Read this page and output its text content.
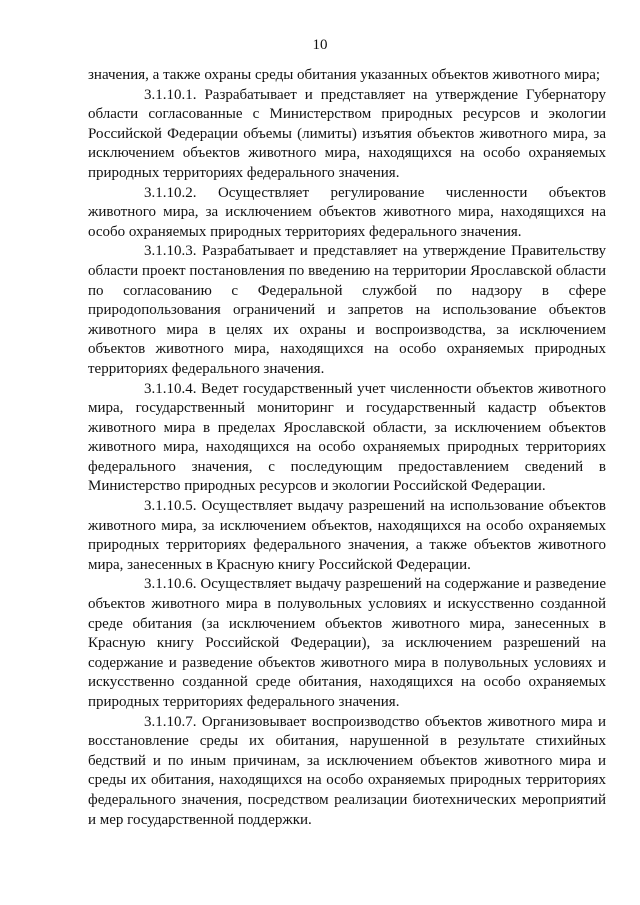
10

значения, а также охраны среды обитания указанных объектов животного мира;

3.1.10.1. Разрабатывает и представляет на утверждение Губернатору области согласованные с Министерством природных ресурсов и экологии Российской Федерации объемы (лимиты) изъятия объектов животного мира, за исключением объектов животного мира, находящихся на особо охраняемых природных территориях федерального значения.

3.1.10.2. Осуществляет регулирование численности объектов животного мира, за исключением объектов животного мира, находящихся на особо охраняемых природных территориях федерального значения.

3.1.10.3. Разрабатывает и представляет на утверждение Правительству области проект постановления по введению на территории Ярославской области по согласованию с Федеральной службой по надзору в сфере природопользования ограничений и запретов на использование объектов животного мира в целях их охраны и воспроизводства, за исключением объектов животного мира, находящихся на особо охраняемых природных территориях федерального значения.

3.1.10.4. Ведет государственный учет численности объектов животного мира, государственный мониторинг и государственный кадастр объектов животного мира в пределах Ярославской области, за исключением объектов животного мира, находящихся на особо охраняемых природных территориях федерального значения, с последующим предоставлением сведений в Министерство природных ресурсов и экологии Российской Федерации.

3.1.10.5. Осуществляет выдачу разрешений на использование объектов животного мира, за исключением объектов, находящихся на особо охраняемых природных территориях федерального значения, а также объектов животного мира, занесенных в Красную книгу Российской Федерации.

3.1.10.6. Осуществляет выдачу разрешений на содержание и разведение объектов животного мира в полувольных условиях и искусственно созданной среде обитания (за исключением объектов животного мира, занесенных в Красную книгу Российской Федерации), за исключением разрешений на содержание и разведение объектов животного мира в полувольных условиях и искусственно созданной среде обитания, находящихся на особо охраняемых природных территориях федерального значения.

3.1.10.7. Организовывает воспроизводство объектов животного мира и восстановление среды их обитания, нарушенной в результате стихийных бедствий и по иным причинам, за исключением объектов животного мира и среды их обитания, находящихся на особо охраняемых природных территориях федерального значения, посредством реализации биотехнических мероприятий и мер государственной поддержки.
